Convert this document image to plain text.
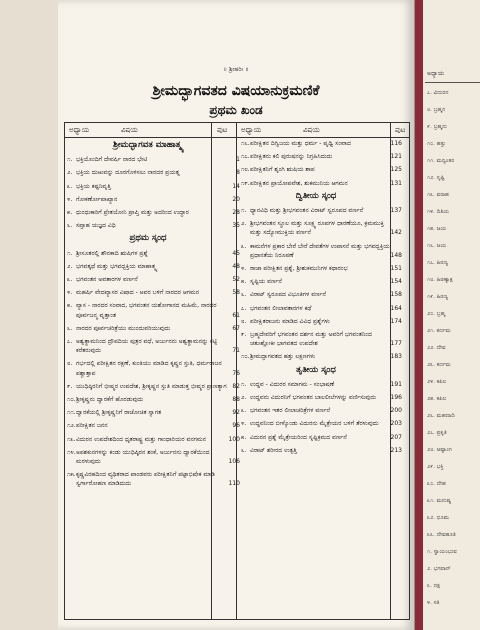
॥ ಶ್ರೀಹರಿಃ ॥
ಶ್ರೀಮದ್ಭಾಗವತದ ವಿಷಯಾನುಕ್ರಮಣಿಕೆ
ಪ್ರಥಮ ಖಂಡ
ಅಧ್ಯಾಯ	ವಿಷಯ	ಪುಟ ಅಧ್ಯಾಯ	ವಿಷಯ	ಪುಟ
ಶ್ರೀಮದ್ಭಾಗವತ ಮಾಹಾತ್ಮ್ಯ
೧. ಭಕ್ತಿಯೊಂದಿಗೆ ದೇವರ್ಷಿ ನಾರದ ಭೇಟಿ	1
೨. ಭಕ್ತಿಯ ದುಃಖವನ್ನು ದೂರಗೊಳಿಸಲು ನಾರದರ ಪ್ರಯತ್ನ	8
೩. ಭಕ್ತಿಯ ಕಷ್ಟನಿವೃತ್ತಿ	14
೪. ಗೋಕರ್ಣೋಪಾಖ್ಯಾನ	20
೫. ಧುಂಧುಕಾರಿಗೆ ಪ್ರೇತಯೋನಿ ಪ್ರಾಪ್ತಿ ಮತ್ತು ಅದರಿಂದ ಉದ್ಧಾರ	28
೬. ಸಪ್ತಾಹ ಯಜ್ಞದ ವಿಧಿ	35
ಪ್ರಥಮ ಸ್ಕಂಧ
೧. ಶ್ರೀಸೂತರಲ್ಲಿ ಶೌನಕಾದಿ ಋಷಿಗಳ ಪ್ರಶ್ನೆ	45
೨. ಭಗವತ್ಕಥೆ ಮತ್ತು ಭಗವದ್ಭಕ್ತಿಯ ಮಾಹಾತ್ಮ್ಯ	48
೩. ಭಗವಂತನ ಅವತಾರಗಳ ವರ್ಣನೆ	52
೪. ಮಹರ್ಷಿ ವೇದವ್ಯಾಸರ ವಿಷಾದ - ಅವರ ಬಳಿಗೆ ನಾರದರ ಆಗಮನ	58
೫. ವ್ಯಾಸ - ನಾರದರ ಸಂವಾದ, ಭಗವಂತನ ಯಶೋಗಾನದ ಮಹಿಮೆ, ನಾರದರ ಪೂರ್ವಜನ್ಮ ವೃತ್ತಾಂತ	61
೬. ನಾರದರ ಪೂರ್ವಚರಿತ್ರೆಯು ಮುಂದುವರಿಯುವುದು	67
೭. ಅಶ್ವತ್ಥಾಮನಿಂದ ದ್ರೌಪದಿಯ ಪುತ್ರರ ವಧೆ, ಅರ್ಜುನನು ಅಶ್ವತ್ಥಾಮನನ್ನು ಕಟ್ಟಿ ಕರೆತರುವುದು	71
೮. ಗರ್ಭದಲ್ಲಿ ಪರೀಕ್ಷಿತನ ರಕ್ಷಣೆ, ಕುಂತಿಯು ಮಾಡಿದ ಕೃಷ್ಣನ ಸ್ತುತಿ, ಧರ್ಮರಾಜನ ಪಶ್ಚಾತ್ತಾಪ	76
೯. ಯುಧಿಷ್ಠಿರನಿಗೆ ಭೀಷ್ಮರ ಉಪದೇಶ, ಶ್ರೀಕೃಷ್ಣನ ಸ್ತುತಿ ಮಾಡುತ್ತ ಭೀಷ್ಮರ ಪ್ರಾಣತ್ಯಾಗ 82
೧೦. ಶ್ರೀಕೃಷ್ಣನು ದ್ವಾರಕೆಗೆ ಹೊರಡುವುದು	88
೧೧. ದ್ವಾರಕೆಯಲ್ಲಿ ಶ್ರೀಕೃಷ್ಣನಿಗೆ ರಾಜೋಚಿತ ಸ್ವಾಗತ	92
೧೨. ಪರೀಕ್ಷಿತನ ಜನನ	96
೧೩. ವಿದುರನ ಉಪದೇಶದಿಂದ ಧೃತರಾಷ್ಟ್ರ ಮತ್ತು ಗಾಂಧಾರಿಯರ ವನಗಮನ	100
೧೪. ಅಪಶಕುನಗಳನ್ನು ಕಂಡು ಯುಧಿಷ್ಠಿರನ ಶಂಕೆ, ಅರ್ಜುನನು ದ್ವಾರಕೆಯಿಂದ ಮರಳುವುದು	106
೧೫. ಕೃಷ್ಣವಿರಹದಿಂದ ವ್ಯಥಿತರಾದ ಪಾಂಡವರು ಪರೀಕ್ಷಿತನಿಗೆ ಪಟ್ಟಾಭಿಷೇಕ ಮಾಡಿ ಸ್ವರ್ಗಾರೋಹಣ ಮಾಡಿದುದು	110
೧೬. ಪರೀಕ್ಷಿತನ ದಿಗ್ವಿಜಯ ಮತ್ತು ಧರ್ಮ - ಪೃಥ್ವಿ ಸಂವಾದ	116
೧೭. ಪರೀಕ್ಷಿತನು ಕಲಿ ಪುರುಷನನ್ನು ನಿಗ್ರಹಿಸಿದುದು	121
೧೮. ಪರೀಕ್ಷಿತನಿಗೆ ಶೃಂಗಿ ಋಷಿಯ ಶಾಪ	125
೧೯. ಪರೀಕ್ಷಿತನ ಪ್ರಾಯೋಪವೇಶ, ಶುಕಮುನಿಯ ಆಗಮನ	131
ದ್ವಿತೀಯ ಸ್ಕಂಧ
೧. ಧ್ಯಾನವಿಧಿ ಮತ್ತು ಶ್ರೀಭಗವಂತನ ವಿರಾಟ್ ಸ್ವರೂಪದ ವರ್ಣನೆ	137
೨. ಶ್ರೀಭಗವಂತನ ಸ್ಥೂಲ ಮತ್ತು ಸೂಕ್ಷ್ಮ ರೂಪಗಳ ಧಾರಣೆಯೂ, ಕ್ರಮಮುಕ್ತಿ ಮತ್ತು ಸದ್ಯೋಮುಕ್ತಿಯ ವರ್ಣನೆ	142
೩. ಕಾಮನೆಗಳ ಪ್ರಕಾರ ಬೇರೆ ಬೇರೆ ದೇವತೆಗಳ ಉಪಾಸನೆ ಮತ್ತು ಭಗವದ್ಭಕ್ತಿಯ ಪ್ರಧಾನತೆಯ ನಿರೂಪಣೆ	148
೪. ರಾಜಾ ಪರೀಕ್ಷಿತನ ಪ್ರಶ್ನೆ, ಶ್ರೀಶುಕಮುನಿಗಳ ಕಥಾರಂಭ	151
೫. ಸೃಷ್ಟಿಯ ವರ್ಣನೆ	154
೬. ವಿರಾಟ್ ಸ್ವರೂಪದ ವಿಭೂತಿಗಳ ವರ್ಣನೆ	158
೭. ಭಗವಂತನ ಲೀಲಾವತಾರಗಳ ಕಥೆ	164
೮. ಪರೀಕ್ಷಿತರಾಜನು ಮಾಡಿದ ವಿವಿಧ ಪ್ರಶ್ನೆಗಳು	174
೯. ಬ್ರಹ್ಮದೇವರಿಗೆ ಭಗವಂತನ ದರ್ಶನ ಮತ್ತು ಅವರಿಗೆ ಭಗವಂತನಿಂದ ಚತುಃಶ್ಲೋಕೀ ಭಾಗವತದ ಉಪದೇಶ	177
೧೦. ಶ್ರೀಮದ್ಭಾಗವತದ ಹತ್ತು ಲಕ್ಷಣಗಳು	183
ತೃತೀಯ ಸ್ಕಂಧ
೧. ಉದ್ಧವ - ವಿದುರರ ಸಮಾಗಮ - ಸಂಭಾಷಣೆ	191
೨. ಉದ್ಧವನು ವಿದುರನಿಗೆ ಭಗವಂತನ ಬಾಲಲೀಲೆಗಳನ್ನು ವರ್ಣಿಸುವುದು 196
೩. ಭಗವಂತನ ಇತರ ಲೀಲಾಚರಿತ್ರೆಗಳ ವರ್ಣನೆ	200
೪. ಉದ್ಧವನಿಂದ ಬೀಳ್ಕೊಂಡು ವಿದುರನು ಮೈತ್ರೇಯರ ಬಳಿಗೆ ತೆರಳುವುದು 203
೫. ವಿದುರನ ಪ್ರಶ್ನೆ ಮೈತ್ರೇಯರಿಂದ ಸೃಷ್ಟಿಕ್ರಮದ ವರ್ಣನೆ	207
೬. ವಿರಾಟ್ ಶರೀರದ ಉತ್ಪತ್ತಿ	213
ಅಧ್ಯಾಯ
೭. ವಿದುರನ
೮. ಬ್ರಹ್ಮನ
೯. ಬ್ರಹ್ಮನು
೧೦. ಹತ್ತು
೧೧. ಮನ್ವಂತರ
೧೨. ಸೃಷ್ಟಿ
೧೩. ವರಾಹ
೧೪. ದಿತಿಯ
೧೫. ಜಯ
೧೬. ಜಯ
೧೭. ಹಿರಣ್ಯ
೧೮. ಹಿರಣ್ಯಾಕ್ಷ
೧೯. ಹಿರಣ್ಯ
೨೦. ಬ್ರಹ್ಮ
೨೧. ಕರ್ದಮ
೨೨. ದೇವ
೨೩. ಕರ್ದಮ
೨೪. ಕಪಿಲ
೨೫. ಕಪಿಲ
೨೬. ಮಹದಾದಿ
೨೭. ಪ್ರಕೃತಿ
೨೮. ಅಷ್ಟಾಂಗ
೨೯. ಭಕ್ತಿ
೩೦. ದೇಹ
೩೧. ಮನುಷ್ಯ
೩೨. ಧೂಮ
೩೩. ದೇವಹೂತಿ
೧. ಸ್ವಾಯಂಭುವ
೨. ಭಗವಾನ್
೩. ದಕ್ಷ
೪. ಸತಿ
